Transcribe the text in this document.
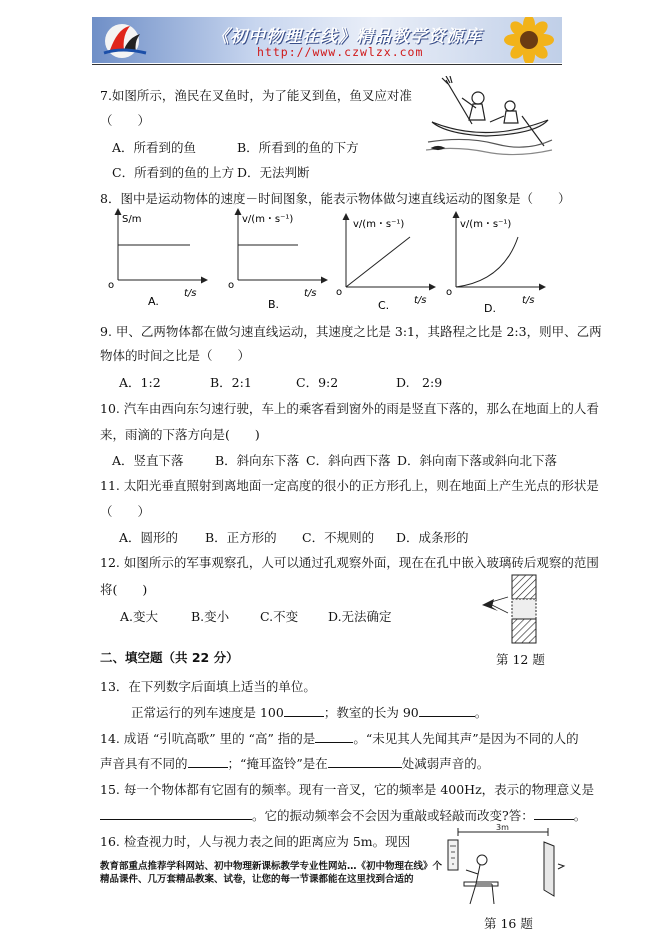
《初中物理在线》精品教学资源库
http://www.czwlzx.com
7.如图所示，渔民在叉鱼时，为了能叉到鱼，鱼叉应对准
（　　）
A．所看到的鱼	B．所看到的鱼的下方
C．所看到的鱼的上方 D．无法判断
8．图中是运动物体的速度－时间图象，能表示物体做匀速直线运动的图象是（　　）
S/m
t/s
o
A.
v/(m・s⁻¹)
t/s
o
B.
v/(m・s⁻¹)
t/s
o
C.
v/(m・s⁻¹)
t/s
o
D.
9. 甲、乙两物体都在做匀速直线运动，其速度之比是 3:1，其路程之比是 2:3，则甲、乙两
物体的时间之比是（　　）
A．1:2	B．2:1	C．9:2	D.　2:9
10. 汽车由西向东匀速行驶，车上的乘客看到窗外的雨是竖直下落的，那么在地面上的人看
来，雨滴的下落方向是(　　)
A．竖直下落	B．斜向东下落 C．斜向西下落 D．斜向南下落或斜向北下落
11. 太阳光垂直照射到离地面一定高度的很小的正方形孔上，则在地面上产生光点的形状是
（　　）
A．圆形的 B．正方形的 C．不规则的 D．成条形的
12. 如图所示的军事观察孔，人可以通过孔观察外面，现在在孔中嵌入玻璃砖后观察的范围
将(　　)
A.变大	B.变小 C.不变 D.无法确定
第 12 题
二、填空题（共 22 分）
13．在下列数字后面填上适当的单位。
正常运行的列车速度是 100	；教室的长为 90	。
14. 成语 “引吭高歌” 里的 “高” 指的是	。“未见其人先闻其声”是因为不同的人的
声音具有不同的	；“掩耳盗铃”是在	处减弱声音的。
15. 每一个物体都有它固有的频率。现有一音叉，它的频率是 400Hz，表示的物理意义是
。它的振动频率会不会因为重敲或轻敲而改变?答：	。
16. 检查视力时，人与视力表之间的距离应为 5m。现因
3m
第 16 题
教育部重点推荐学科网站、初中物理新课标教学专业性网站…《初中物理在线》个精品课件、几万套精品教案、试卷，让您的每一节课都能在这里找到合适的
